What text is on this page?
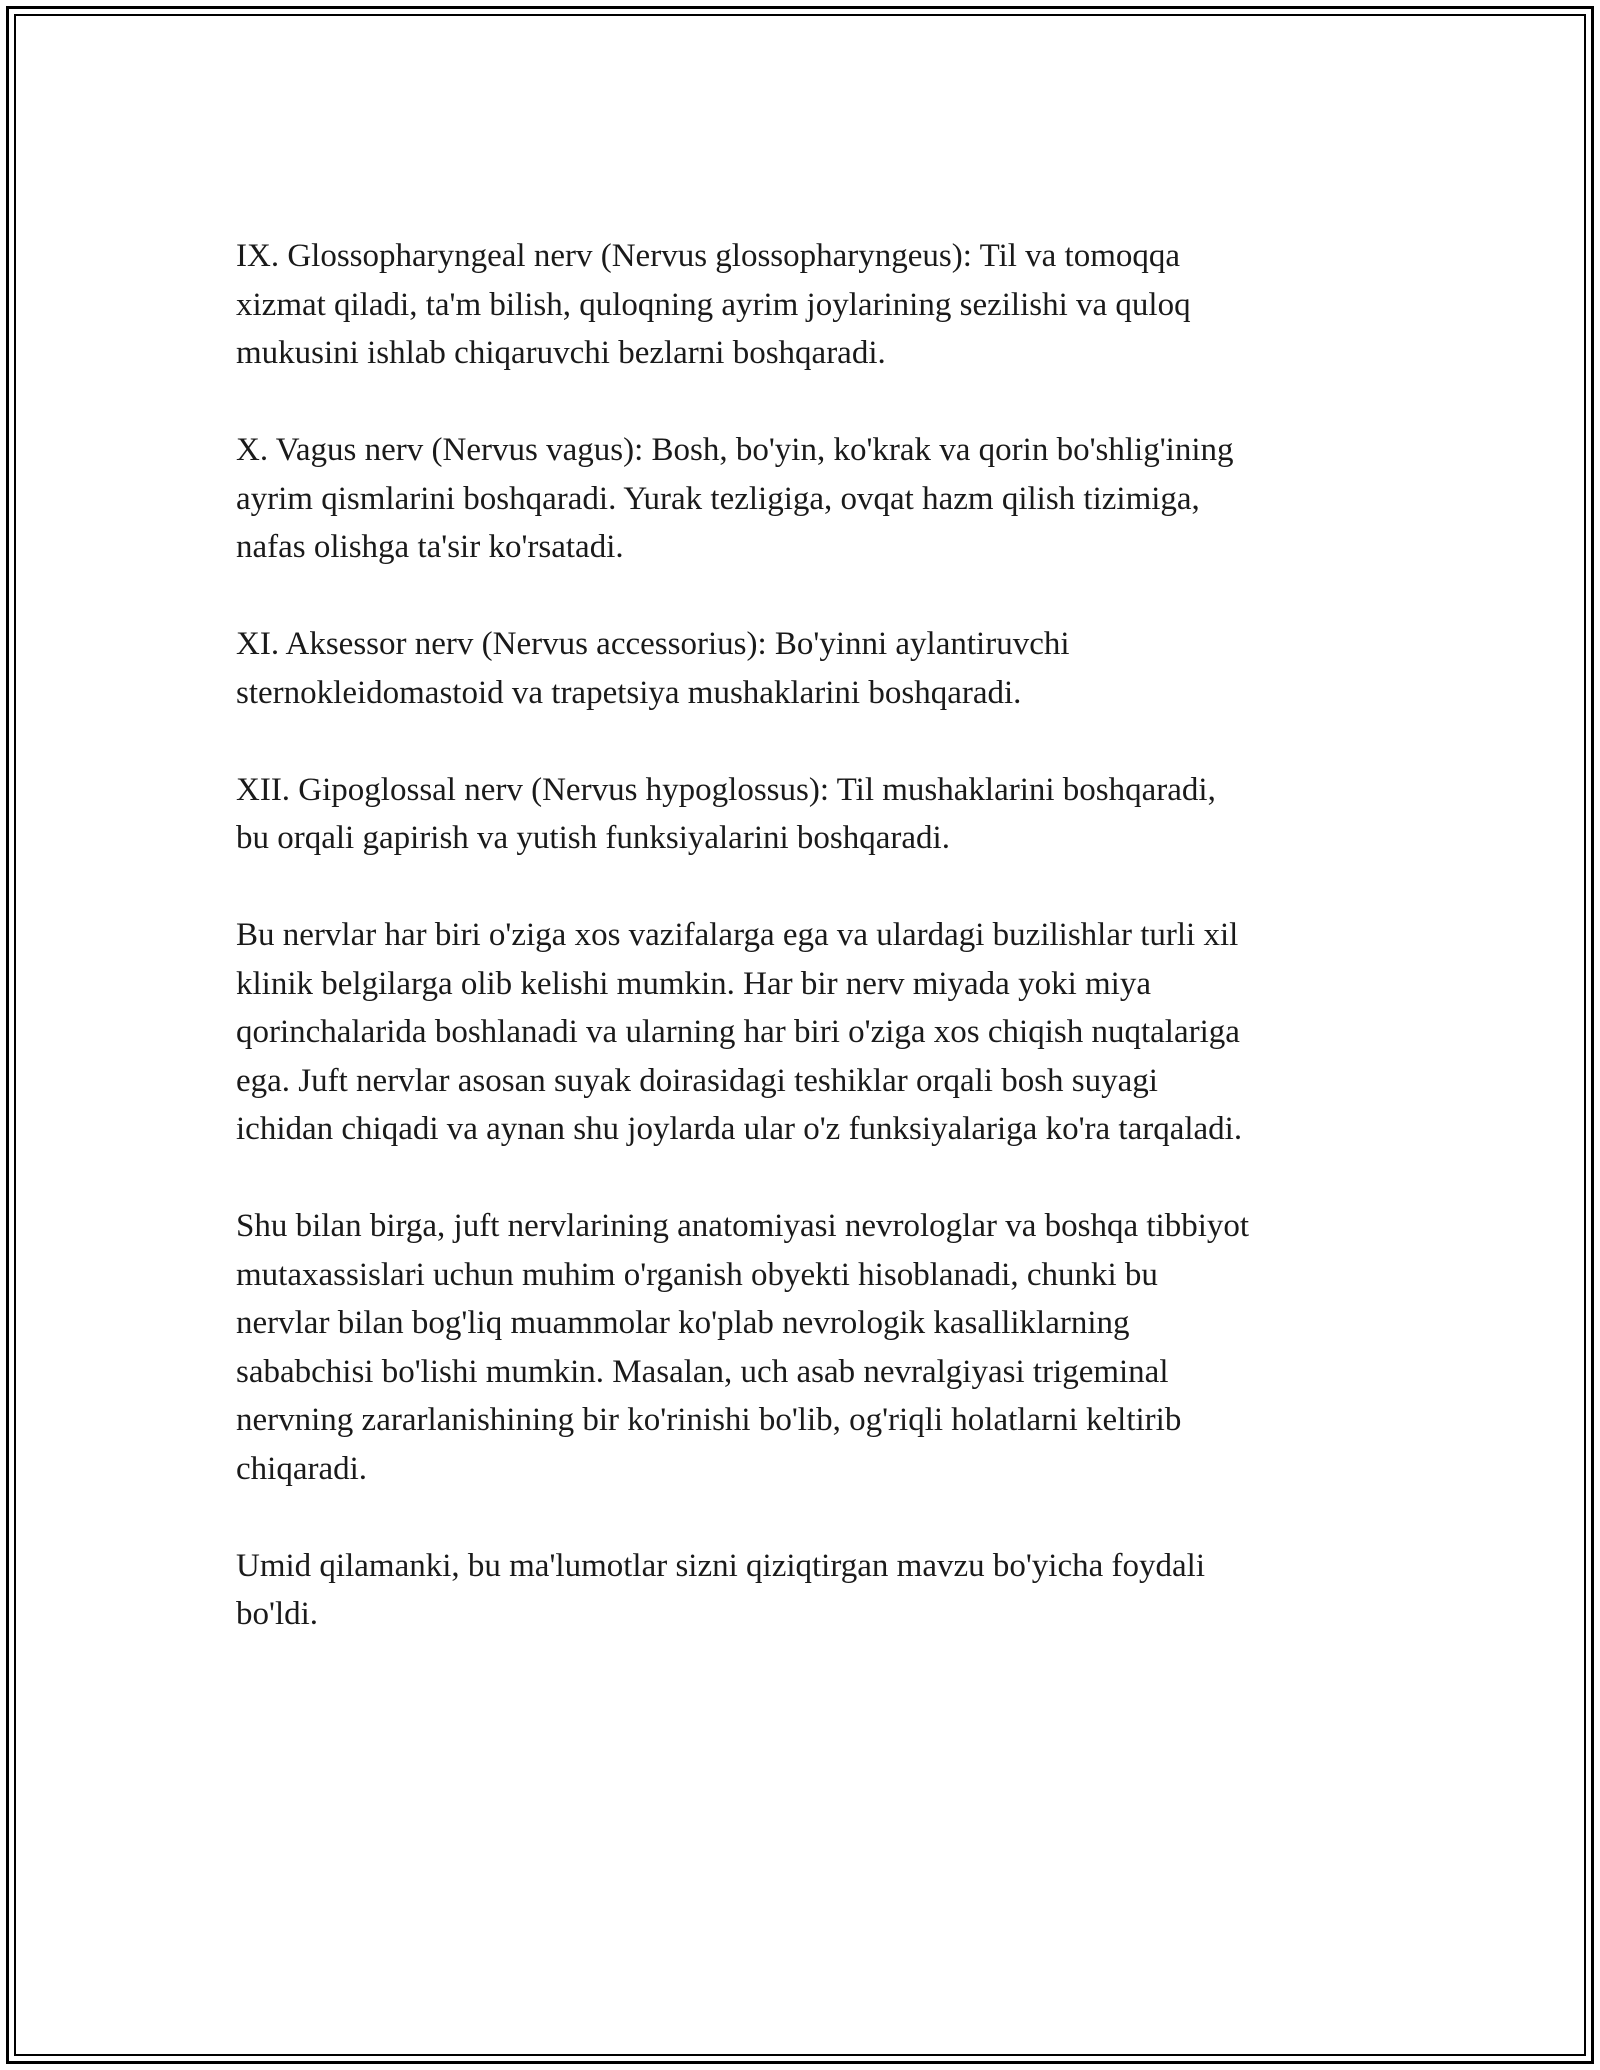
IX. Glossopharyngeal nerv (Nervus glossopharyngeus): Til va tomoqqa
xizmat qiladi, ta'm bilish, quloqning ayrim joylarining sezilishi va quloq
mukusini ishlab chiqaruvchi bezlarni boshqaradi.

X. Vagus nerv (Nervus vagus): Bosh, bo'yin, ko'krak va qorin bo'shlig'ining
ayrim qismlarini boshqaradi. Yurak tezligiga, ovqat hazm qilish tizimiga,
nafas olishga ta'sir ko'rsatadi.

XI. Aksessor nerv (Nervus accessorius): Bo'yinni aylantiruvchi
sternokleidomastoid va trapetsiya mushaklarini boshqaradi.

XII. Gipoglossal nerv (Nervus hypoglossus): Til mushaklarini boshqaradi,
bu orqali gapirish va yutish funksiyalarini boshqaradi.

Bu nervlar har biri o'ziga xos vazifalarga ega va ulardagi buzilishlar turli xil
klinik belgilarga olib kelishi mumkin. Har bir nerv miyada yoki miya
qorinchalarida boshlanadi va ularning har biri o'ziga xos chiqish nuqtalariga
ega. Juft nervlar asosan suyak doirasidagi teshiklar orqali bosh suyagi
ichidan chiqadi va aynan shu joylarda ular o'z funksiyalariga ko'ra tarqaladi.

Shu bilan birga, juft nervlarining anatomiyasi nevrologlar va boshqa tibbiyot
mutaxassislari uchun muhim o'rganish obyekti hisoblanadi, chunki bu
nervlar bilan bog'liq muammolar ko'plab nevrologik kasalliklarning
sababchisi bo'lishi mumkin. Masalan, uch asab nevralgiyasi trigeminal
nervning zararlanishining bir ko'rinishi bo'lib, og'riqli holatlarni keltirib
chiqaradi.

Umid qilamanki, bu ma'lumotlar sizni qiziqtirgan mavzu bo'yicha foydali
bo'ldi.
